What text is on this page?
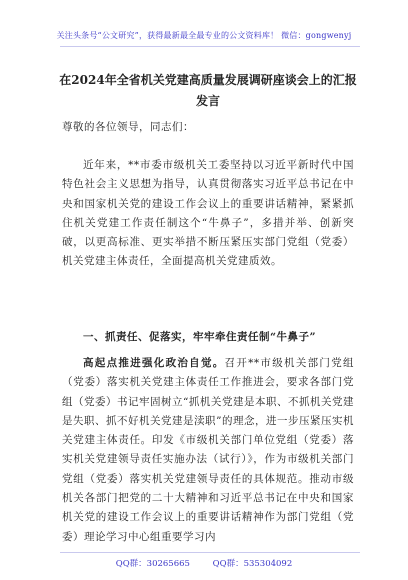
关注头条号“公文研究”，获得最新最全最专业的公文资料库！ 微信：gongwenyj
在2024年全省机关党建高质量发展调研座谈会上的汇报发言
尊敬的各位领导，同志们：
近年来，**市委市级机关工委坚持以习近平新时代中国特色社会主义思想为指导，认真贯彻落实习近平总书记在中央和国家机关党的建设工作会议上的重要讲话精神，紧紧抓住机关党建工作责任制这个“牛鼻子”，多措并举、创新突破，以更高标准、更实举措不断压紧压实部门党组（党委）机关党建主体责任，全面提高机关党建质效。
一、抓责任、促落实，牢牢牵住责任制“牛鼻子”
高起点推进强化政治自觉。召开**市级机关部门党组（党委）落实机关党建主体责任工作推进会，要求各部门党组（党委）书记牢固树立“抓机关党建是本职、不抓机关党建是失职、抓不好机关党建是渎职”的理念，进一步压紧压实机关党建主体责任。印发《市级机关部门单位党组（党委）落实机关党建领导责任实施办法（试行）》，作为市级机关部门党组（党委）落实机关党建领导责任的具体规范。推动市级机关各部门把党的二十大精神和习近平总书记在中央和国家机关党的建设工作会议上的重要讲话精神作为部门党组（党委）理论学习中心组重要学习内
QQ群：30265665	QQ群：535304092
